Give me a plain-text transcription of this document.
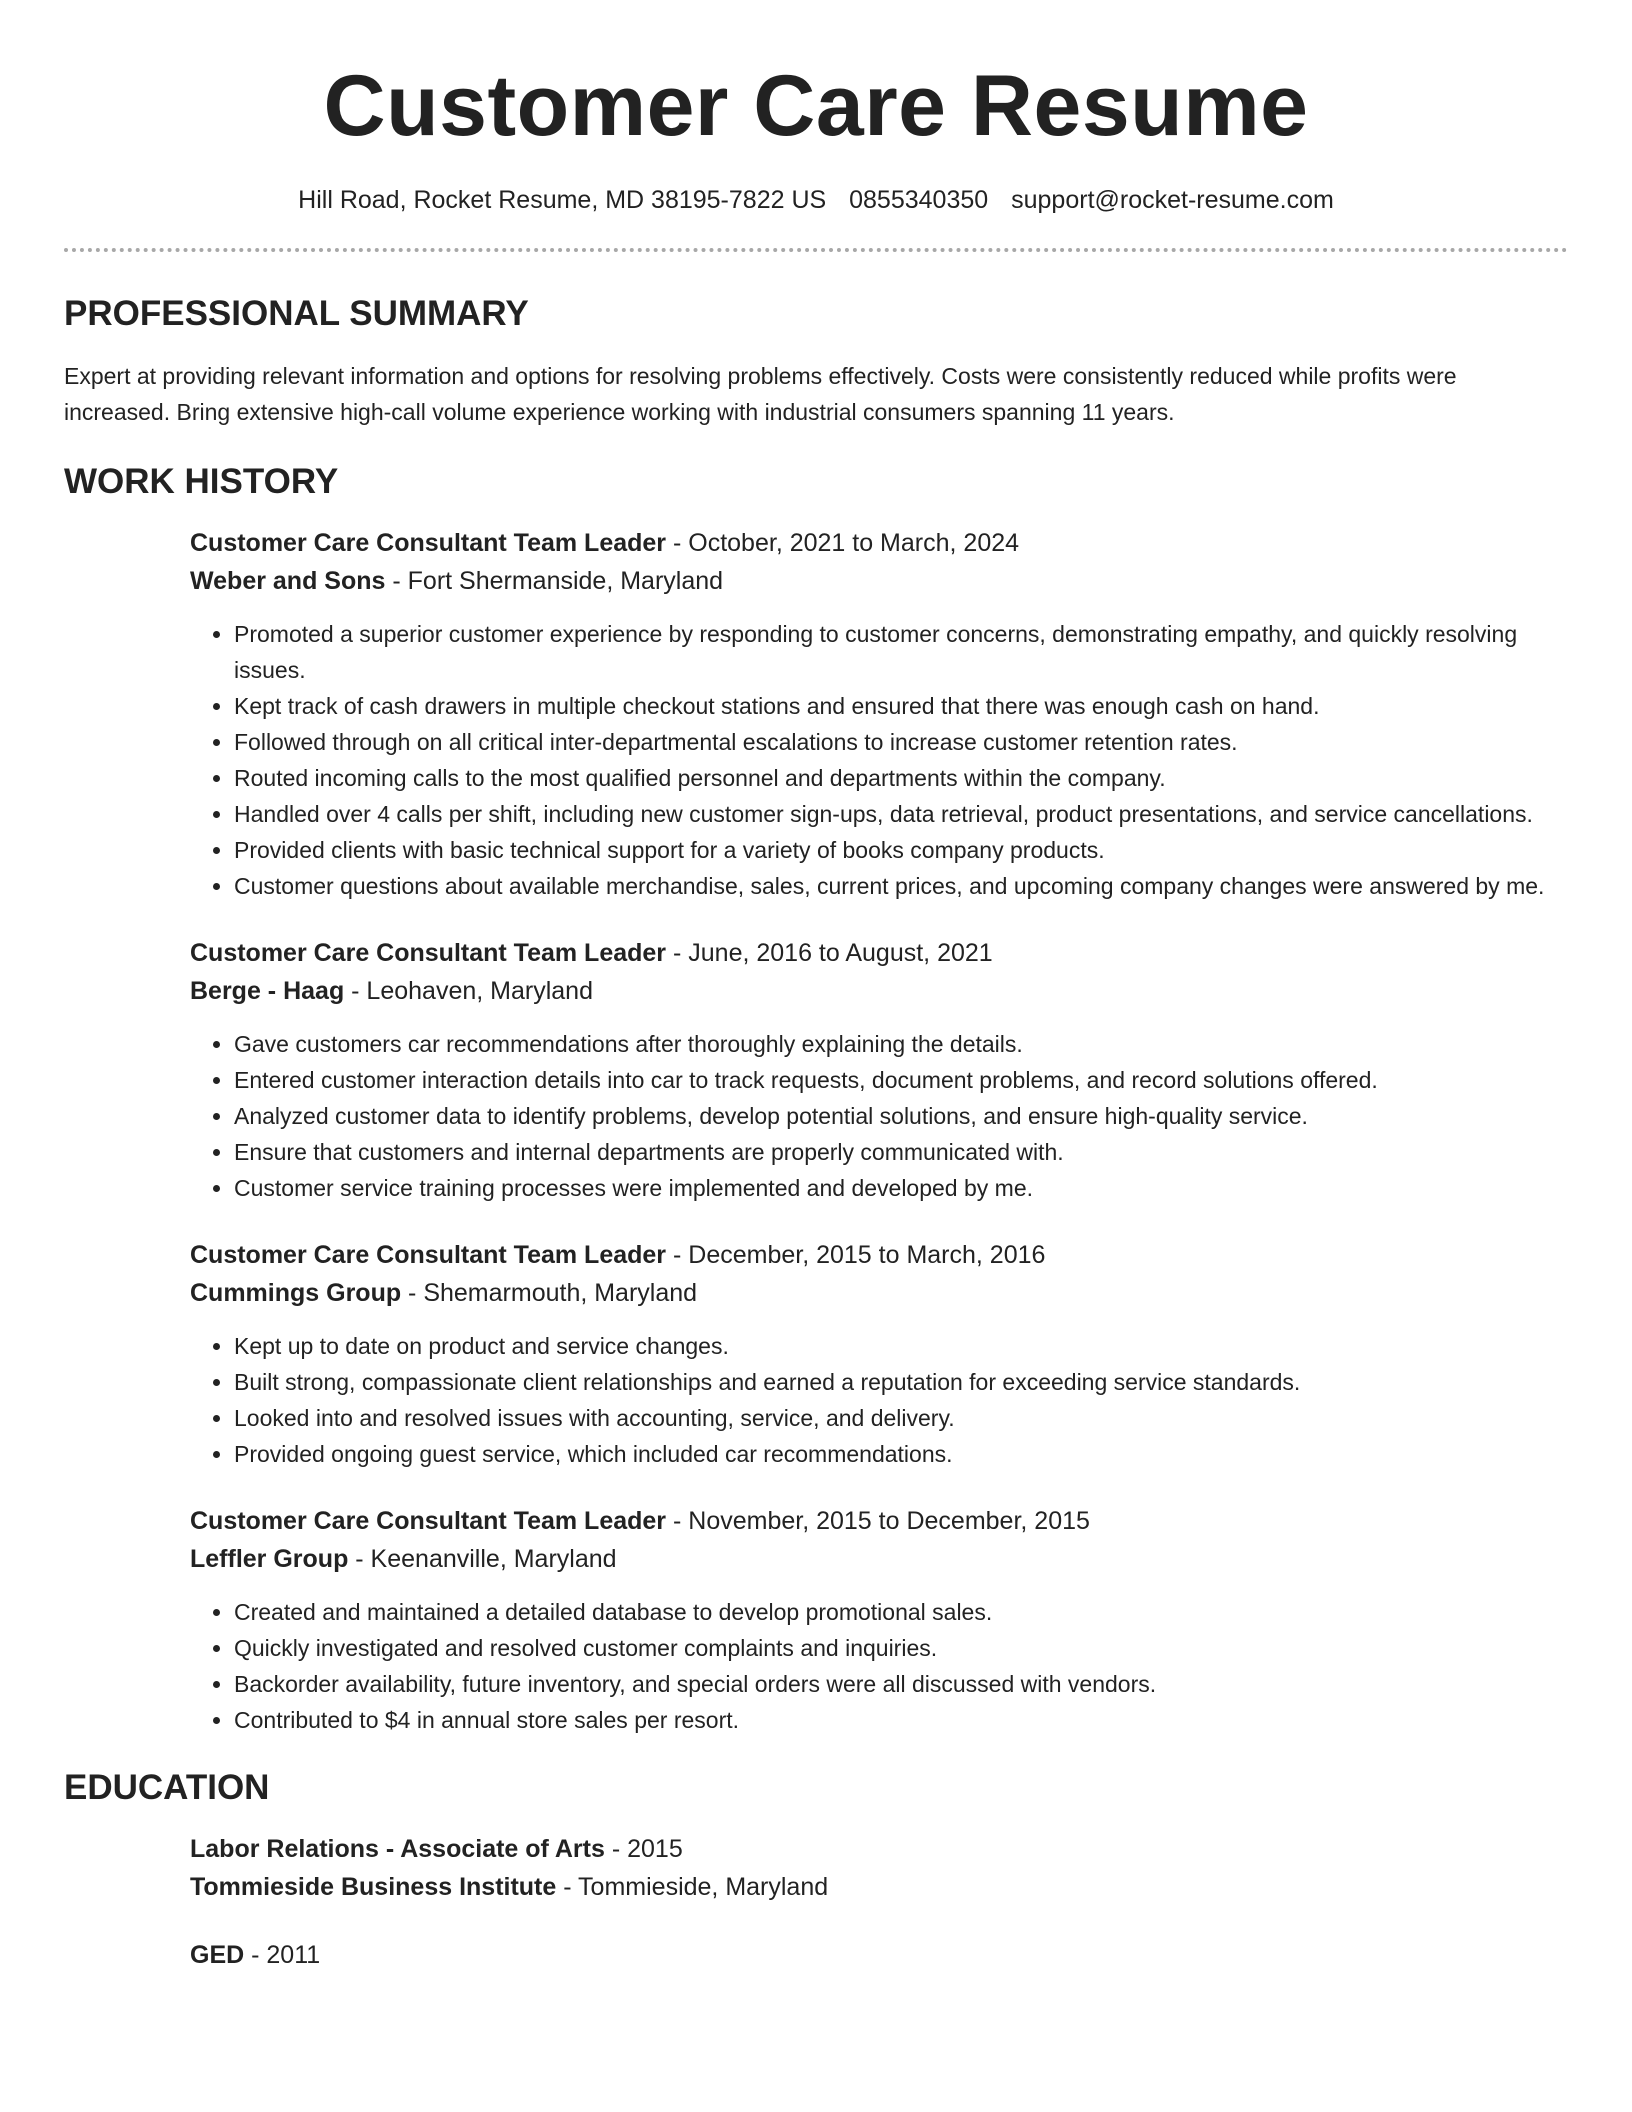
Customer Care Resume
Hill Road, Rocket Resume, MD 38195-7822 US 0855340350 support@rocket-resume.com
PROFESSIONAL SUMMARY

Expert at providing relevant information and options for resolving problems effectively. Costs were consistently reduced while profits were increased. Bring extensive high-call volume experience working with industrial consumers spanning 11 years.

WORK HISTORY
Customer Care Consultant Team Leader - October, 2021 to March, 2024
Weber and Sons - Fort Shermanside, Maryland
• Promoted a superior customer experience by responding to customer concerns, demonstrating empathy, and quickly resolving issues.
• Kept track of cash drawers in multiple checkout stations and ensured that there was enough cash on hand.
• Followed through on all critical inter-departmental escalations to increase customer retention rates.
• Routed incoming calls to the most qualified personnel and departments within the company.
• Handled over 4 calls per shift, including new customer sign-ups, data retrieval, product presentations, and service cancellations.
• Provided clients with basic technical support for a variety of books company products.
• Customer questions about available merchandise, sales, current prices, and upcoming company changes were answered by me.
Customer Care Consultant Team Leader - June, 2016 to August, 2021
Berge - Haag - Leohaven, Maryland
• Gave customers car recommendations after thoroughly explaining the details.
• Entered customer interaction details into car to track requests, document problems, and record solutions offered.
• Analyzed customer data to identify problems, develop potential solutions, and ensure high-quality service.
• Ensure that customers and internal departments are properly communicated with.
• Customer service training processes were implemented and developed by me.
Customer Care Consultant Team Leader - December, 2015 to March, 2016
Cummings Group - Shemarmouth, Maryland
• Kept up to date on product and service changes.
• Built strong, compassionate client relationships and earned a reputation for exceeding service standards.
• Looked into and resolved issues with accounting, service, and delivery.
• Provided ongoing guest service, which included car recommendations.
Customer Care Consultant Team Leader - November, 2015 to December, 2015
Leffler Group - Keenanville, Maryland
• Created and maintained a detailed database to develop promotional sales.
• Quickly investigated and resolved customer complaints and inquiries.
• Backorder availability, future inventory, and special orders were all discussed with vendors.
• Contributed to $4 in annual store sales per resort.
EDUCATION
Labor Relations - Associate of Arts - 2015
Tommieside Business Institute - Tommieside, Maryland
GED - 2011
